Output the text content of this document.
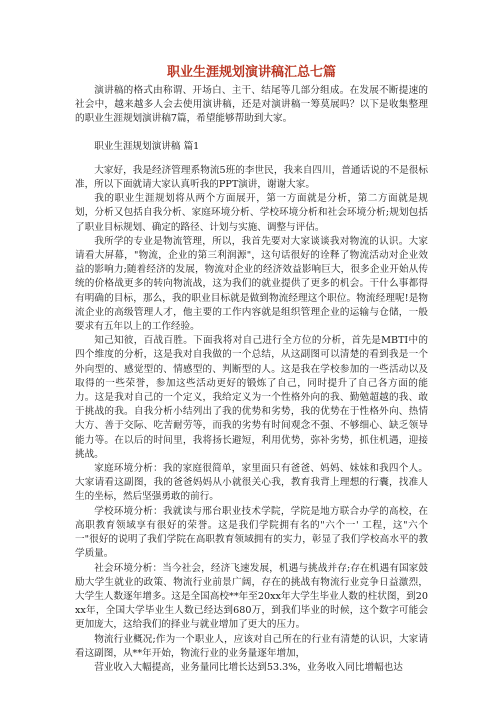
职业生涯规划演讲稿汇总七篇

演讲稿的格式由称谓、开场白、主干、结尾等几部分组成。在发展不断提速的社会中，越来越多人会去使用演讲稿，还是对演讲稿一筹莫展吗？以下是收集整理的职业生涯规划演讲稿7篇，希望能够帮助到大家。

职业生涯规划演讲稿 篇1

大家好，我是经济管理系物流5班的李世民，我来自四川，普通话说的不是很标准，所以下面就请大家认真听我的PPT演讲，谢谢大家。

我的职业生涯规划将从两个方面展开，第一方面就是分析，第二方面就是规划，分析又包括自我分析、家庭环境分析、学校环境分析和社会环境分析;规划包括了职业目标规划、确定的路径、计划与实施、调整与评估。

我所学的专业是物流管理，所以，我首先要对大家谈谈我对物流的认识。大家请看大屏幕，"物流，企业的第三利润源"，这句话很好的诠释了物流活动对企业效益的影响力;随着经济的发展，物流对企业的经济效益影响巨大，很多企业开始从传统的价格战更多的转向物流战，这为我们的就业提供了更多的机会。干什么事都得有明确的目标，那么，我的职业目标就是做到物流经理这个职位。物流经理呢!是物流企业的高级管理人才，他主要的工作内容就是组织管理企业的运输与仓储，一般要求有五年以上的工作经验。

知己知彼，百战百胜。下面我将对自己进行全方位的分析，首先是MBTI中的四个维度的分析，这是我对自我做的一个总结，从这副图可以清楚的看到我是一个外向型的、感觉型的、情感型的、判断型的人。这是我在学校参加的一些活动以及取得的一些荣誉，参加这些活动更好的锻炼了自己，同时提升了自己各方面的能力。这是我对自己的一个定义，我给定义为一个性格外向的我、勤勉超越的我、敢于挑战的我。自我分析小结列出了我的优势和劣势，我的优势在于性格外向、热情大方、善于交际、吃苦耐劳等，而我的劣势有时间观念不强、不够细心、缺乏领导能力等。在以后的时间里，我将扬长避短，利用优势，弥补劣势，抓住机遇，迎接挑战。

家庭环境分析：我的家庭很简单，家里面只有爸爸、妈妈、妹妹和我四个人。大家请看这副图，我的爸爸妈妈从小就很关心我，教育我背上理想的行囊，找准人生的坐标，然后坚强勇敢的前行。

学校环境分析：我就读与邢台职业技术学院，学院是地方联合办学的高校，在高职教育领域享有很好的荣誉。这是我们学院拥有名的"六个一' 工程，这"六个一"很好的说明了我们学院在高职教育领域拥有的实力，彰显了我们学校高水平的教学质量。

社会环境分析：当今社会，经济飞速发展，机遇与挑战并存;存在机遇有国家鼓励大学生就业的政策、物流行业前景广阔，存在的挑战有物流行业竞争日益激烈，大学生人数逐年增多。这是全国高校**年至20xx年大学生毕业人数的柱状图，到20xx年，全国大学毕业生人数已经达到680万，到我们毕业的时候，这个数字可能会更加庞大，这给我们的择业与就业增加了更大的压力。

物流行业概况;作为一个职业人，应该对自己所在的行业有清楚的认识，大家请看这副图，从**年开始，物流行业的业务量逐年增加，

营业收入大幅提高，业务量同比增长达到53.3%，业务收入同比增幅也达
